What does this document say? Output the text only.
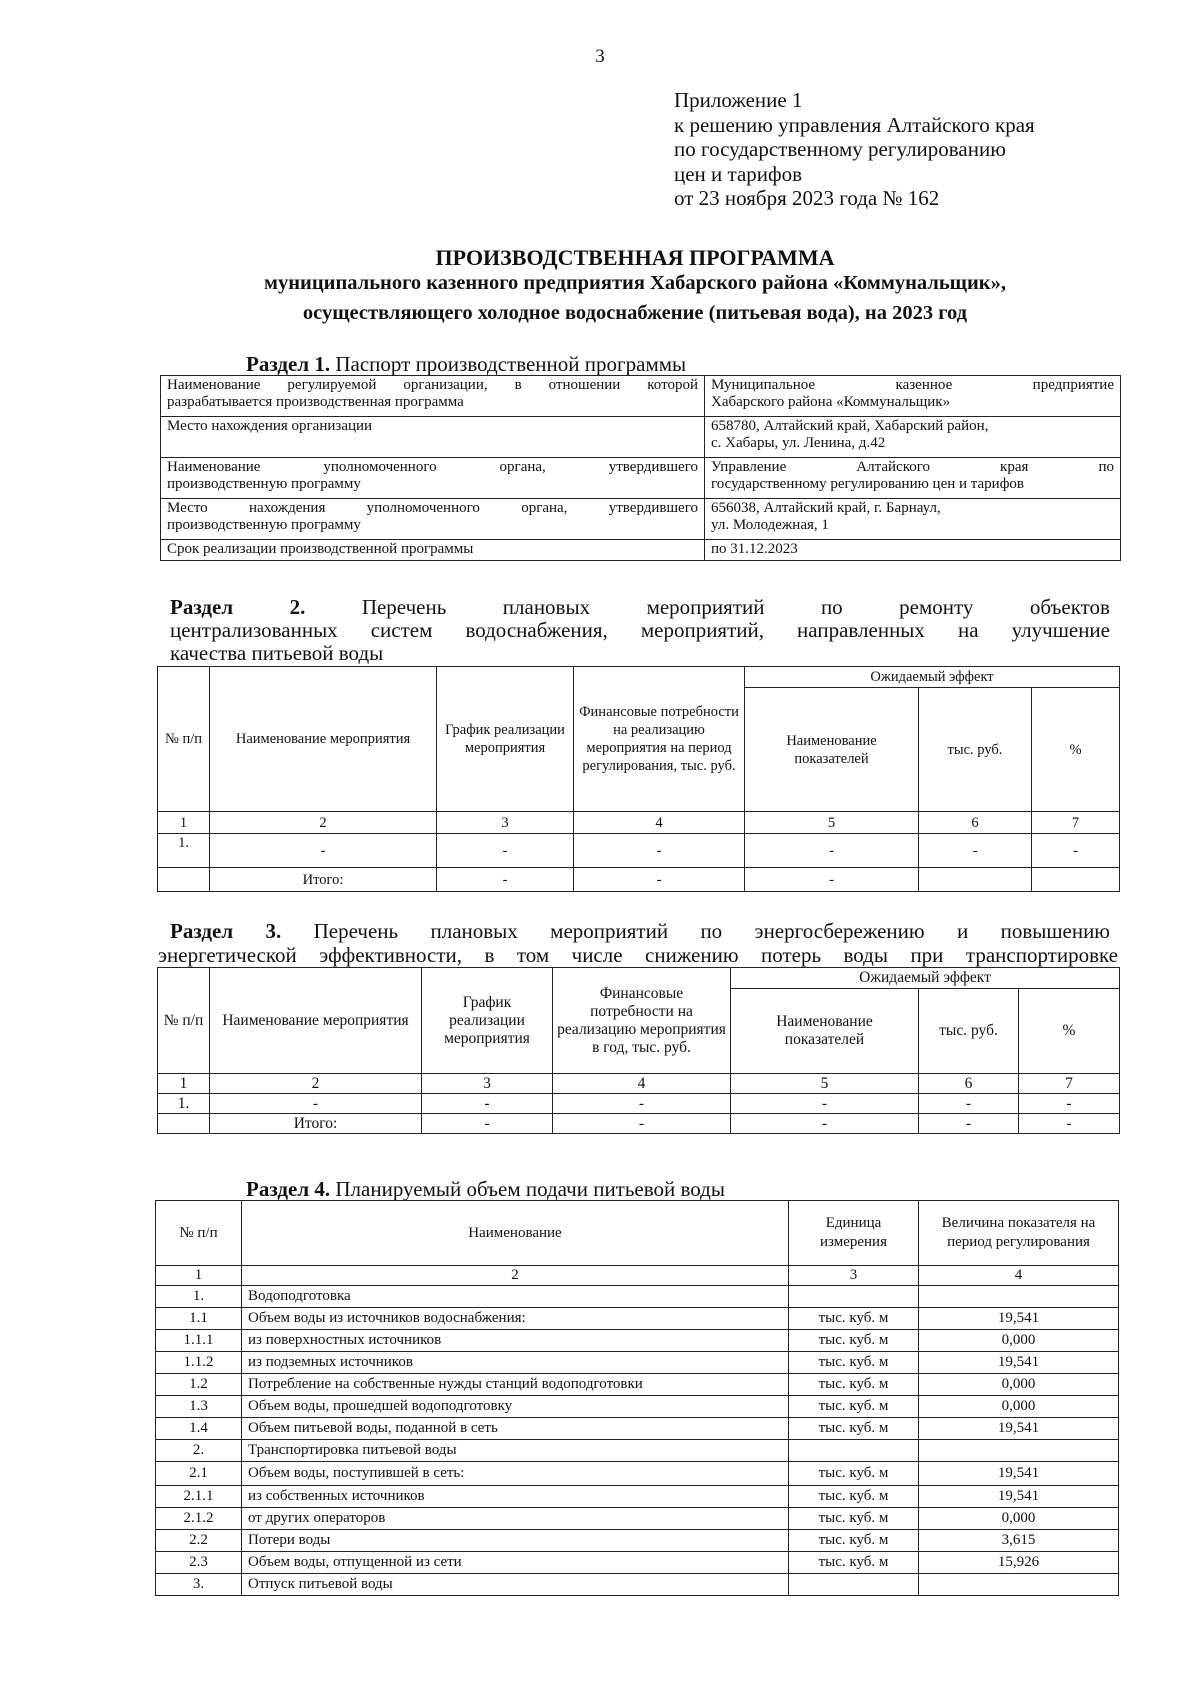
3
Приложение 1
к решению управления Алтайского края
по государственному регулированию
цен и тарифов
от 23 ноября 2023 года № 162
ПРОИЗВОДСТВЕННАЯ ПРОГРАММА
муниципального казенного предприятия Хабарского района «Коммунальщик»,
осуществляющего холодное водоснабжение (питьевая вода), на 2023 год
Раздел 1. Паспорт производственной программы
Наименование регулируемой организации, в отношении которой
разрабатывается производственная программа	Муниципальное казенное предприятие
Хабарского района «Коммунальщик»

Место нахождения организации	658780, Алтайский край, Хабарский район,
с. Хабары, ул. Ленина, д.42

Наименование уполномоченного органа, утвердившего
производственную программу	Управление Алтайского края по
государственному регулированию цен и тарифов

Место нахождения уполномоченного органа, утвердившего
производственную программу	656038, Алтайский край, г. Барнаул,
ул. Молодежная, 1

Срок реализации производственной программы	по 31.12.2023
Раздел 2. Перечень плановых мероприятий по ремонту объектов
централизованных систем водоснабжения, мероприятий, направленных на улучшение
качества питьевой воды
№ п/п	Наименование мероприятия	График реализации мероприятия	Финансовые потребности на реализацию мероприятия на период регулирования, тыс. руб.	Ожидаемый эффект		
				Наименование показателей	тыс. руб.	%
1	2	3	4	5	6	7
1.	-	-	-	-	-	-
	Итого:	-	-	-		
Раздел 3. Перечень плановых мероприятий по энергосбережению и повышению
энергетической эффективности, в том числе снижению потерь воды при транспортировке
№ п/п	Наименование мероприятия	График реализации мероприятия	Финансовые потребности на реализацию мероприятия в год, тыс. руб.	Ожидаемый эффект		
				Наименование показателей	тыс. руб.	%
1	2	3	4	5	6	7
1.	-	-	-	-	-	-
	Итого:	-	-	-	-	-
Раздел 4. Планируемый объем подачи питьевой воды
№ п/п	Наименование	Единица измерения	Величина показателя на период регулирования
1	2	3	4
1.	Водоподготовка		
1.1	Объем воды из источников водоснабжения:	тыс. куб. м	19,541
1.1.1	из поверхностных источников	тыс. куб. м	0,000
1.1.2	из подземных источников	тыс. куб. м	19,541
1.2	Потребление на собственные нужды станций водоподготовки	тыс. куб. м	0,000
1.3	Объем воды, прошедшей водоподготовку	тыс. куб. м	0,000
1.4	Объем питьевой воды, поданной в сеть	тыс. куб. м	19,541
2.	Транспортировка питьевой воды		
2.1	Объем воды, поступившей в сеть:	тыс. куб. м	19,541
2.1.1	из собственных источников	тыс. куб. м	19,541
2.1.2	от других операторов	тыс. куб. м	0,000
2.2	Потери воды	тыс. куб. м	3,615
2.3	Объем воды, отпущенной из сети	тыс. куб. м	15,926
3.	Отпуск питьевой воды		
